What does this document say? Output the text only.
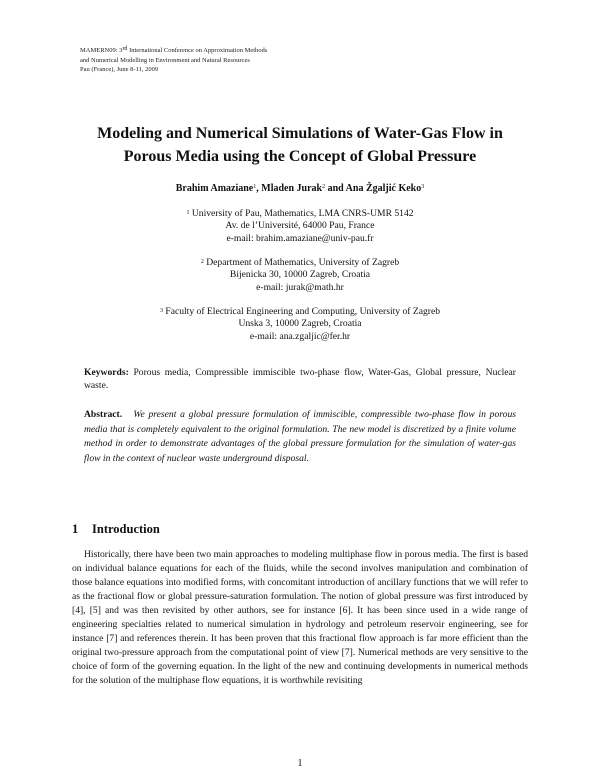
MAMERN09: 3rd International Conference on Approximation Methods
and Numerical Modelling in Environment and Natural Resources
Pau (France), June 8-11, 2009
Modeling and Numerical Simulations of Water-Gas Flow in
Porous Media using the Concept of Global Pressure
Brahim Amaziane$^1$, Mladen Jurak$^2$ and Ana Žgaljić Keko$^3$
$^1$ University of Pau, Mathematics, LMA CNRS-UMR 5142
Av. de l’Université, 64000 Pau, France
e-mail: brahim.amaziane@univ-pau.fr
$^2$ Department of Mathematics, University of Zagreb
Bijenicka 30, 10000 Zagreb, Croatia
e-mail: jurak@math.hr
$^3$ Faculty of Electrical Engineering and Computing, University of Zagreb
Unska 3, 10000 Zagreb, Croatia
e-mail: ana.zgaljic@fer.hr
Keywords: Porous media, Compressible immiscible two-phase flow, Water-Gas, Global pressure, Nuclear waste.
Abstract. We present a global pressure formulation of immiscible, compressible two-phase flow in porous media that is completely equivalent to the original formulation. The new model is discretized by a finite volume method in order to demonstrate advantages of the global pressure formulation for the simulation of water-gas flow in the context of nuclear waste underground disposal.
1 Introduction
Historically, there have been two main approaches to modeling multiphase flow in porous media. The first is based on individual balance equations for each of the fluids, while the second involves manipulation and combination of those balance equations into modified forms, with concomitant introduction of ancillary functions that we will refer to as the fractional flow or global pressure-saturation formulation. The notion of global pressure was first introduced by [4], [5] and was then revisited by other authors, see for instance [6]. It has been since used in a wide range of engineering specialties related to numerical simulation in hydrology and petroleum reservoir engineering, see for instance [7] and references therein. It has been proven that this fractional flow approach is far more efficient than the original two-pressure approach from the computational point of view [7]. Numerical methods are very sensitive to the choice of form of the governing equation. In the light of the new and continuing developments in numerical methods for the solution of the multiphase flow equations, it is worthwhile revisiting
1
